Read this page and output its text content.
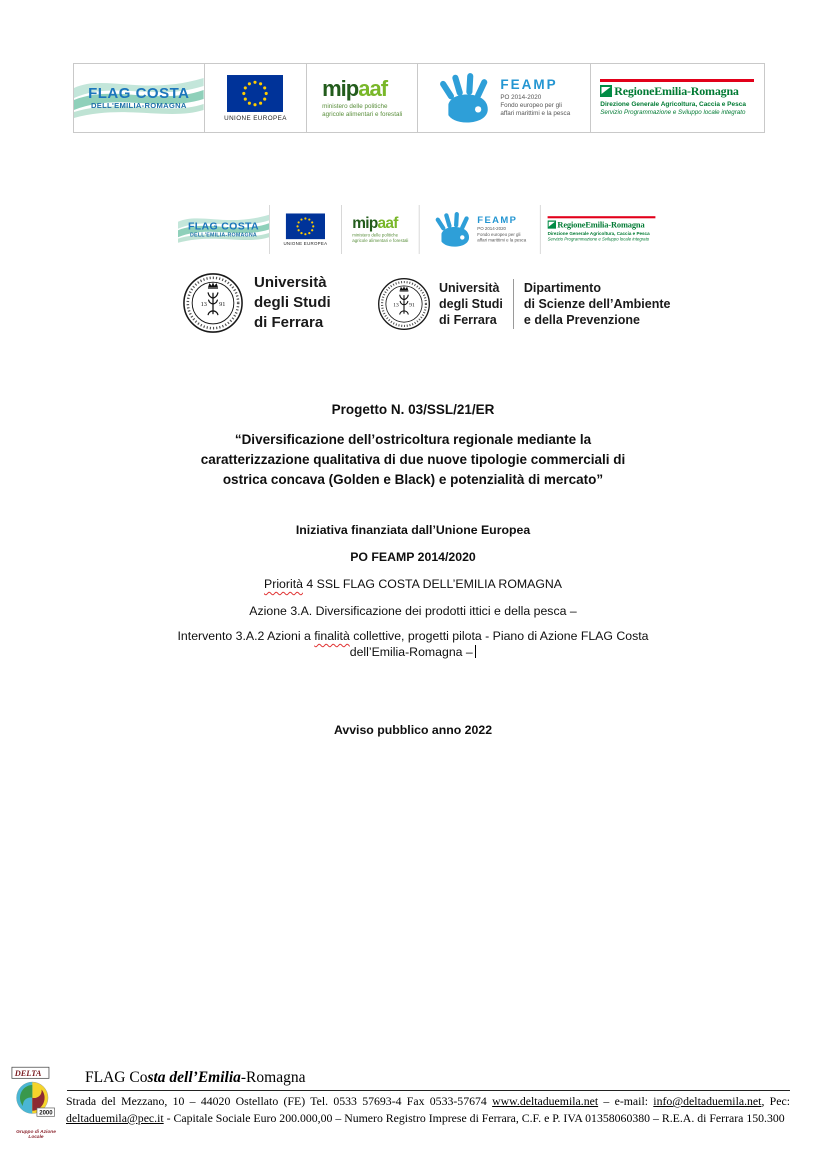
FLAG COSTA
DELL'EMILIA-ROMAGNA
UNIONE EUROPEA
mipaaf
ministero delle politiche
agricole alimentari e forestali
FEAMP
PO 2014-2020
Fondo europeo per gli
affari marittimi e la pesca
RegioneEmilia-Romagna
Direzione Generale Agricoltura, Caccia e Pesca
Servizio Programmazione e Sviluppo locale integrato
FLAG COSTA
DELL'EMILIA-ROMAGNA
UNIONE EUROPEA
mipaaf
ministero delle politiche
agricole alimentari e forestali
FEAMP
PO 2014-2020
Fondo europeo per gli
affari marittimi e la pesca
RegioneEmilia-Romagna
Direzione Generale Agricoltura, Caccia e Pesca
Servizio Programmazione e Sviluppo locale integrato
Università
degli Studi
di Ferrara
Università
degli Studi
di Ferrara
Dipartimento
di Scienze dell’Ambiente
e della Prevenzione
Progetto N. 03/SSL/21/ER
“Diversificazione dell’ostricoltura regionale mediante la
caratterizzazione qualitativa di due nuove tipologie commerciali di
ostrica concava (Golden e Black) e potenzialità di mercato”
Iniziativa finanziata dall’Unione Europea
PO FEAMP 2014/2020
Priorità 4 SSL FLAG COSTA DELL’EMILIA ROMAGNA
Azione 3.A. Diversificazione dei prodotti ittici e della pesca –
Intervento 3.A.2 Azioni a finalità collettive, progetti pilota - Piano di Azione FLAG Costa
dell’Emilia-Romagna –
Avviso pubblico anno 2022
DELTA
2000
Gruppo di Azione Locale
FLAG Costa dell’Emilia-Romagna
Strada del Mezzano, 10 – 44020 Ostellato (FE) Tel. 0533 57693-4 Fax 0533-57674 www.deltaduemila.net – e-mail: info@deltaduemila.net, Pec:
deltaduemila@pec.it - Capitale Sociale Euro 200.000,00 – Numero Registro Imprese di Ferrara, C.F. e P. IVA 01358060380 – R.E.A. di Ferrara 150.300
